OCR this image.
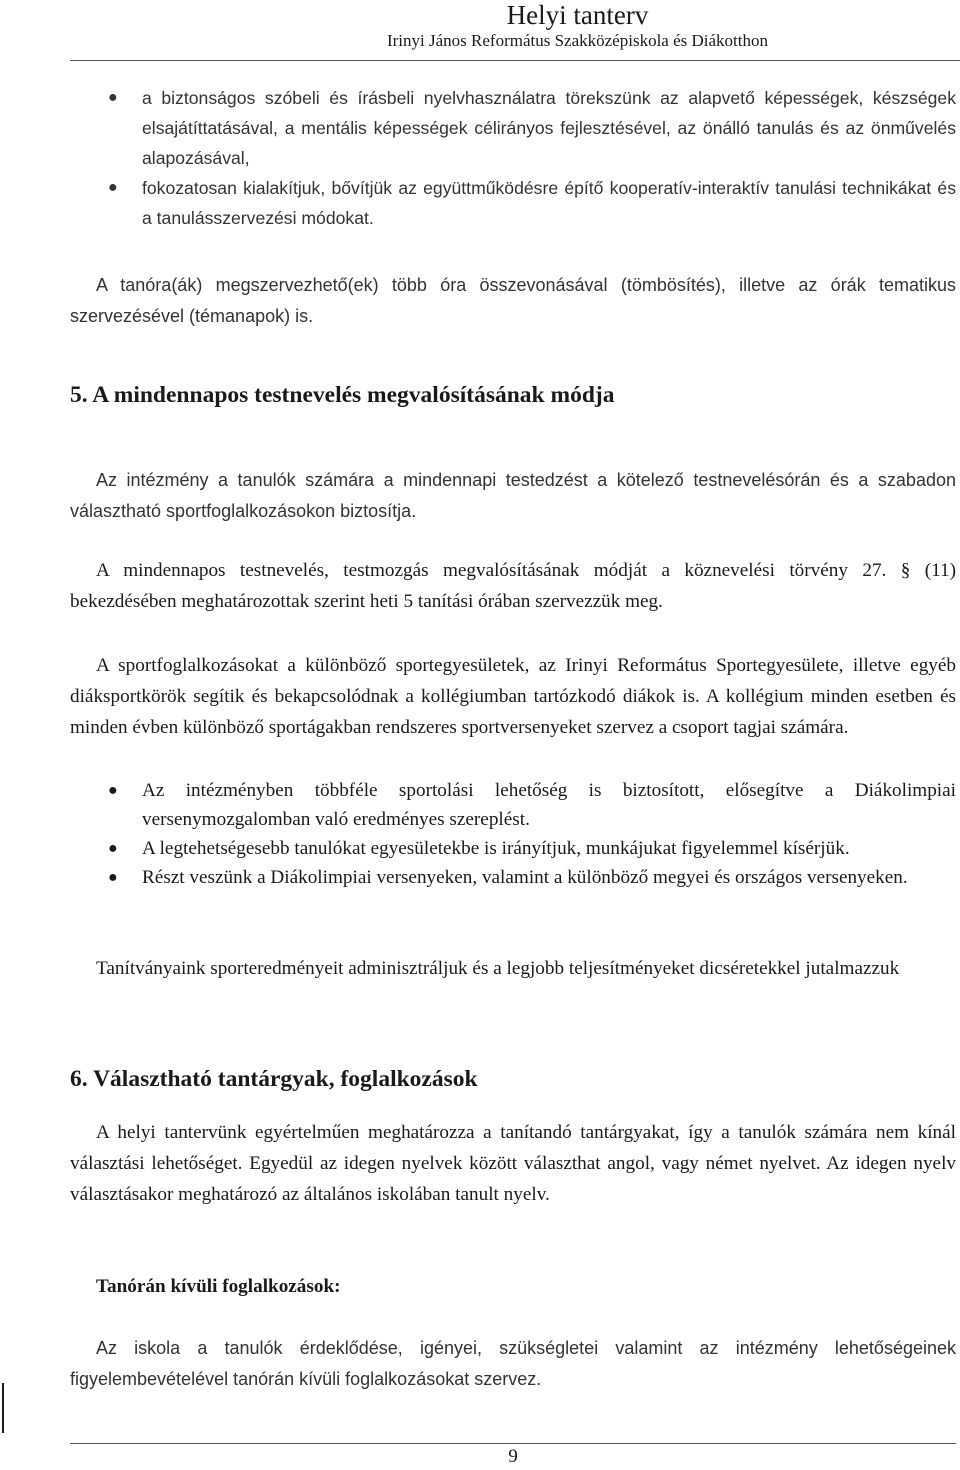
Helyi tanterv
Irinyi János Református Szakközépiskola és Diákotthon
● a biztonságos szóbeli és írásbeli nyelvhasználatra törekszünk az alapvető képességek, készségek elsajátíttatásával, a mentális képességek célirányos fejlesztésével, az önálló tanulás és az önművelés alapozásával,
● fokozatosan kialakítjuk, bővítjük az együttműködésre építő kooperatív-interaktív tanulási technikákat és a tanulásszervezési módokat.
A tanóra(ák) megszervezhető(ek) több óra összevonásával (tömbösítés), illetve az órák tematikus szervezésével (témanapok) is.
5. A mindennapos testnevelés megvalósításának módja
Az intézmény a tanulók számára a mindennapi testedzést a kötelező testnevelésórán és a szabadon választható sportfoglalkozásokon biztosítja.
A mindennapos testnevelés, testmozgás megvalósításának módját a köznevelési törvény 27. § (11) bekezdésében meghatározottak szerint heti 5 tanítási órában szervezzük meg.
A sportfoglalkozásokat a különböző sportegyesületek, az Irinyi Református Sportegyesülete, illetve egyéb diáksportkörök segítik és bekapcsolódnak a kollégiumban tartózkodó diákok is. A kollégium minden esetben és minden évben különböző sportágakban rendszeres sportversenyeket szervez a csoport tagjai számára.
● Az intézményben többféle sportolási lehetőség is biztosított, elősegítve a Diákolimpiai versenymozgalomban való eredményes szereplést.
● A legtehetségesebb tanulókat egyesületekbe is irányítjuk, munkájukat figyelemmel kísérjük.
● Részt veszünk a Diákolimpiai versenyeken, valamint a különböző megyei és országos versenyeken.
Tanítványaink sporteredményeit adminisztráljuk és a legjobb teljesítményeket dicséretekkel jutalmazzuk
6. Választható tantárgyak, foglalkozások
A helyi tantervünk egyértelműen meghatározza a tanítandó tantárgyakat, így a tanulók számára nem kínál választási lehetőséget. Egyedül az idegen nyelvek között választhat angol, vagy német nyelvet. Az idegen nyelv választásakor meghatározó az általános iskolában tanult nyelv.
Tanórán kívüli foglalkozások:
Az iskola a tanulók érdeklődése, igényei, szükségletei valamint az intézmény lehetőségeinek figyelembevételével tanórán kívüli foglalkozásokat szervez.
9
